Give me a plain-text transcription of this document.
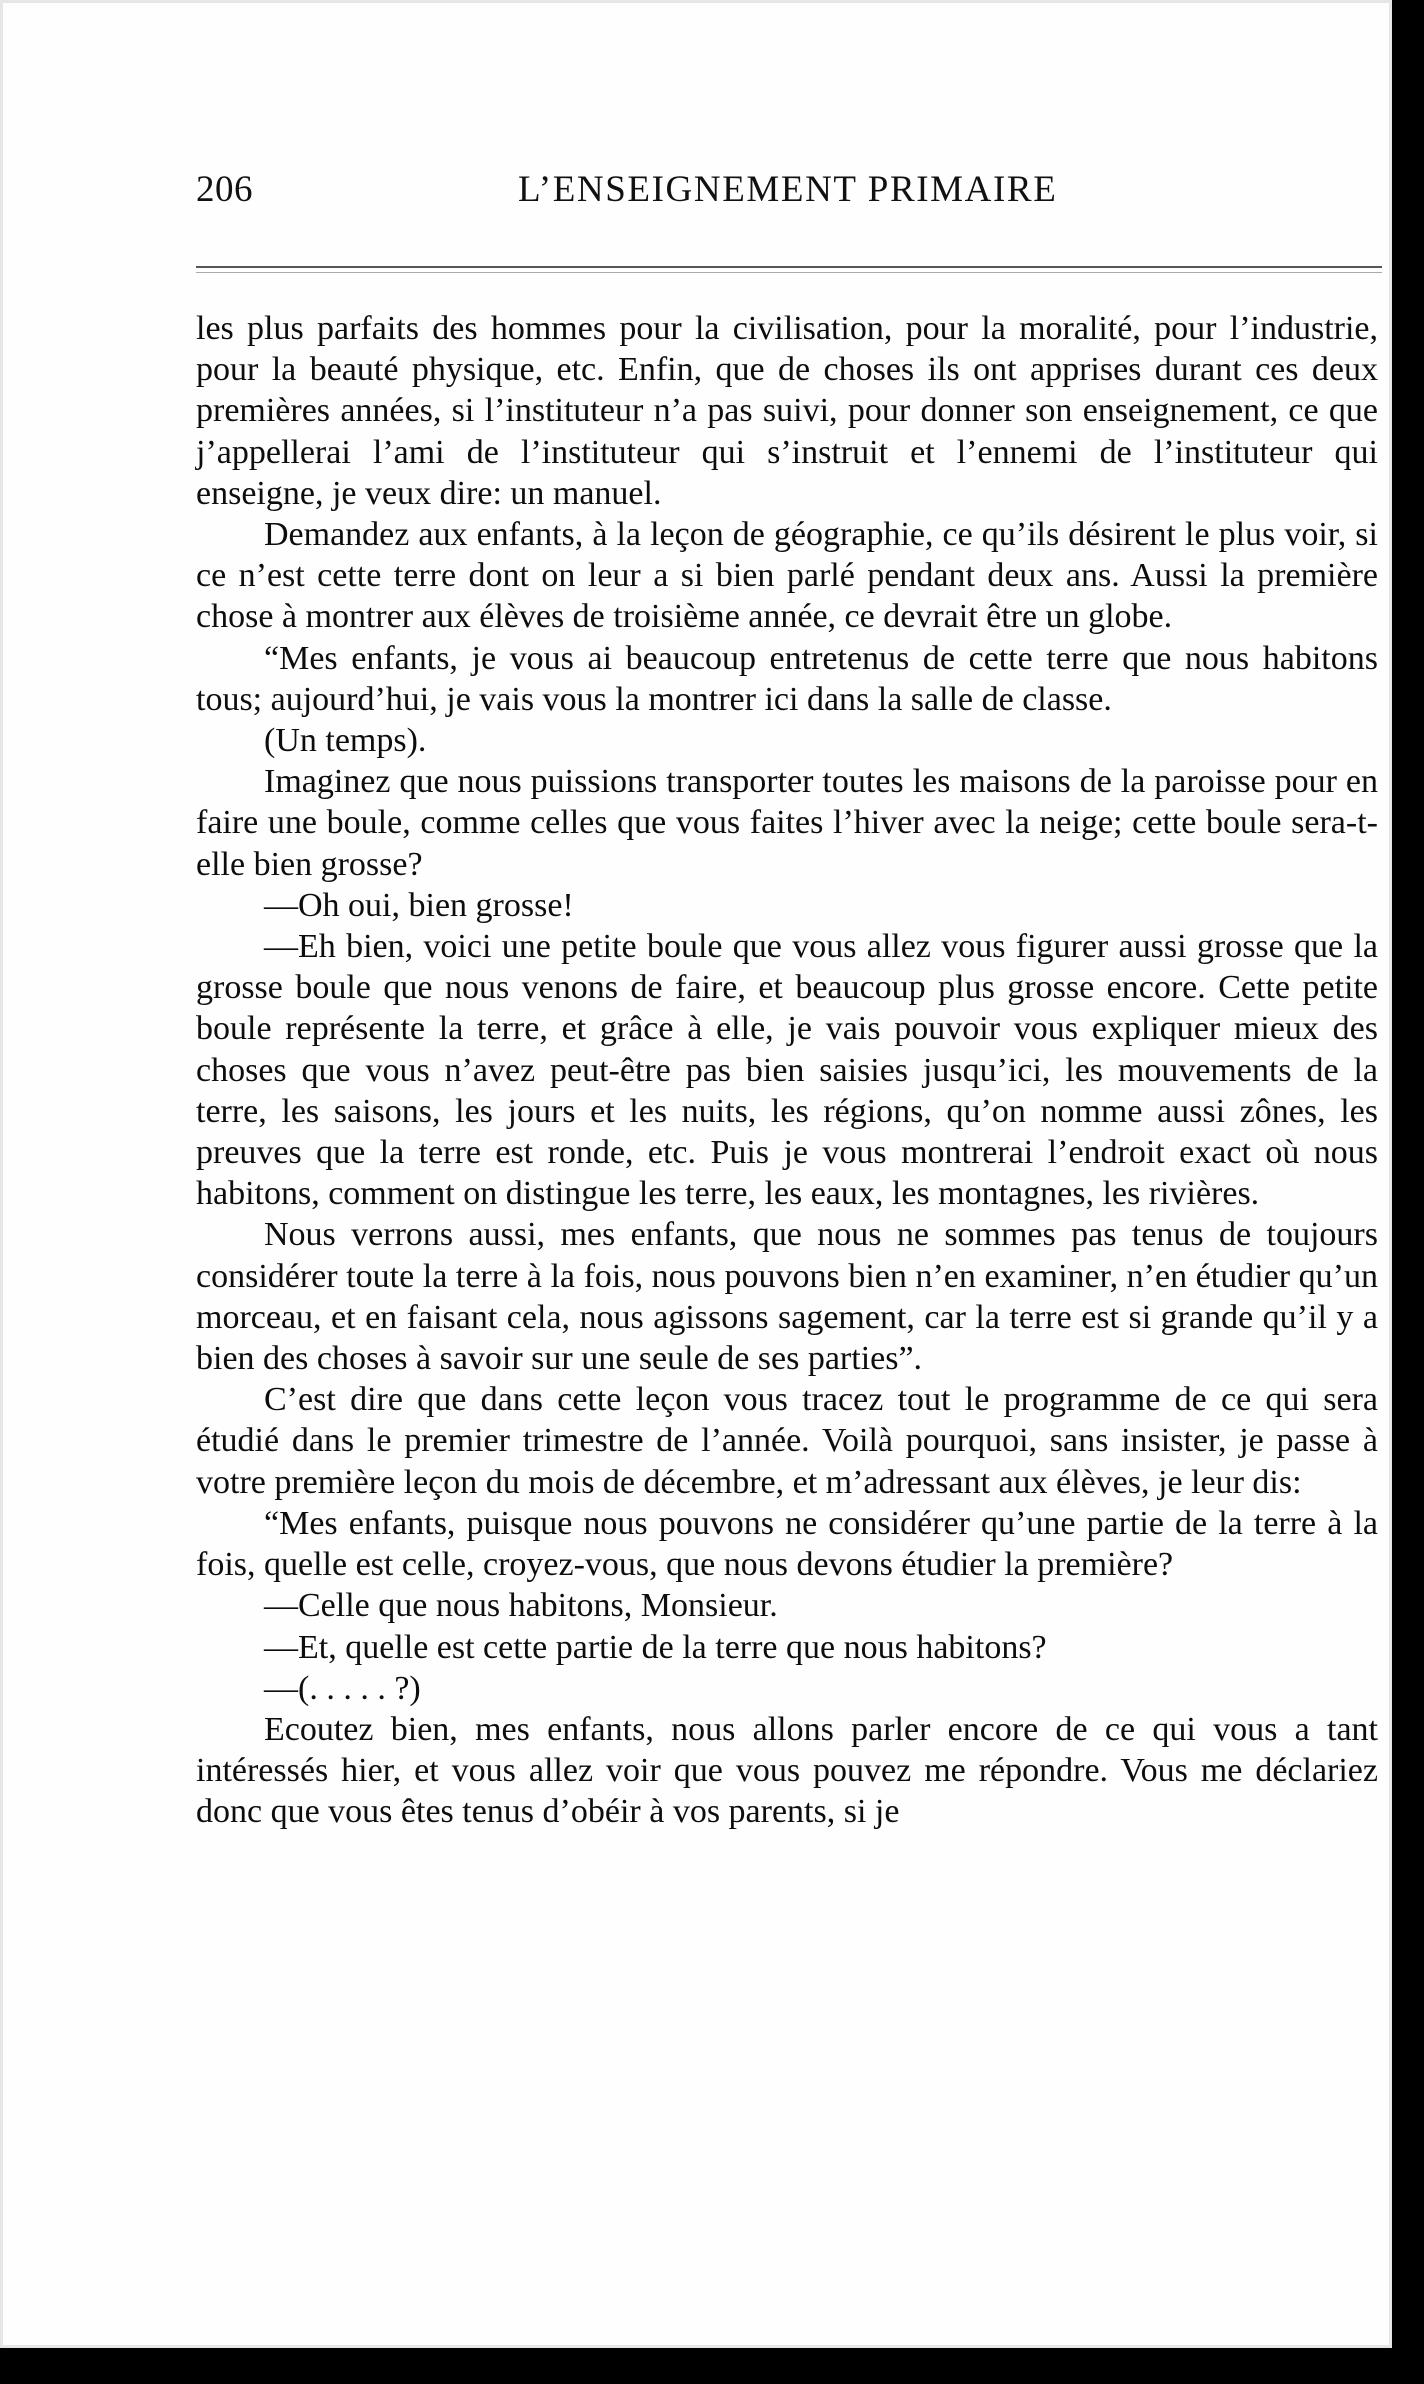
206	L’ENSEIGNEMENT PRIMAIRE

les plus parfaits des hommes pour la civilisation, pour la moralité, pour l’industrie, pour la beauté physique, etc. Enfin, que de choses ils ont apprises durant ces deux premières années, si l’instituteur n’a pas suivi, pour donner son enseignement, ce que j’appellerai l’ami de l’instituteur qui s’instruit et l’ennemi de l’instituteur qui enseigne, je veux dire: un manuel.

Demandez aux enfants, à la leçon de géographie, ce qu’ils désirent le plus voir, si ce n’est cette terre dont on leur a si bien parlé pendant deux ans. Aussi la première chose à montrer aux élèves de troisième année, ce devrait être un globe.

“Mes enfants, je vous ai beaucoup entretenus de cette terre que nous habitons tous; aujourd’hui, je vais vous la montrer ici dans la salle de classe.

(Un temps).

Imaginez que nous puissions transporter toutes les maisons de la paroisse pour en faire une boule, comme celles que vous faites l’hiver avec la neige; cette boule sera-t-elle bien grosse?

—Oh oui, bien grosse!

—Eh bien, voici une petite boule que vous allez vous figurer aussi grosse que la grosse boule que nous venons de faire, et beaucoup plus grosse encore. Cette petite boule représente la terre, et grâce à elle, je vais pouvoir vous expliquer mieux des choses que vous n’avez peut-être pas bien saisies jusqu’ici, les mouvements de la terre, les saisons, les jours et les nuits, les régions, qu’on nomme aussi zônes, les preuves que la terre est ronde, etc. Puis je vous montrerai l’endroit exact où nous habitons, comment on distingue les terre, les eaux, les montagnes, les rivières.

Nous verrons aussi, mes enfants, que nous ne sommes pas tenus de toujours considérer toute la terre à la fois, nous pouvons bien n’en examiner, n’en étudier qu’un morceau, et en faisant cela, nous agissons sagement, car la terre est si grande qu’il y a bien des choses à savoir sur une seule de ses parties”.

C’est dire que dans cette leçon vous tracez tout le programme de ce qui sera étudié dans le premier trimestre de l’année. Voilà pourquoi, sans insister, je passe à votre première leçon du mois de décembre, et m’adressant aux élèves, je leur dis:

“Mes enfants, puisque nous pouvons ne considérer qu’une partie de la terre à la fois, quelle est celle, croyez-vous, que nous devons étudier la première?

—Celle que nous habitons, Monsieur.

—Et, quelle est cette partie de la terre que nous habitons?

—(. . . . . ?)

Ecoutez bien, mes enfants, nous allons parler encore de ce qui vous a tant intéressés hier, et vous allez voir que vous pouvez me répondre. Vous me déclariez donc que vous êtes tenus d’obéir à vos parents, si je
